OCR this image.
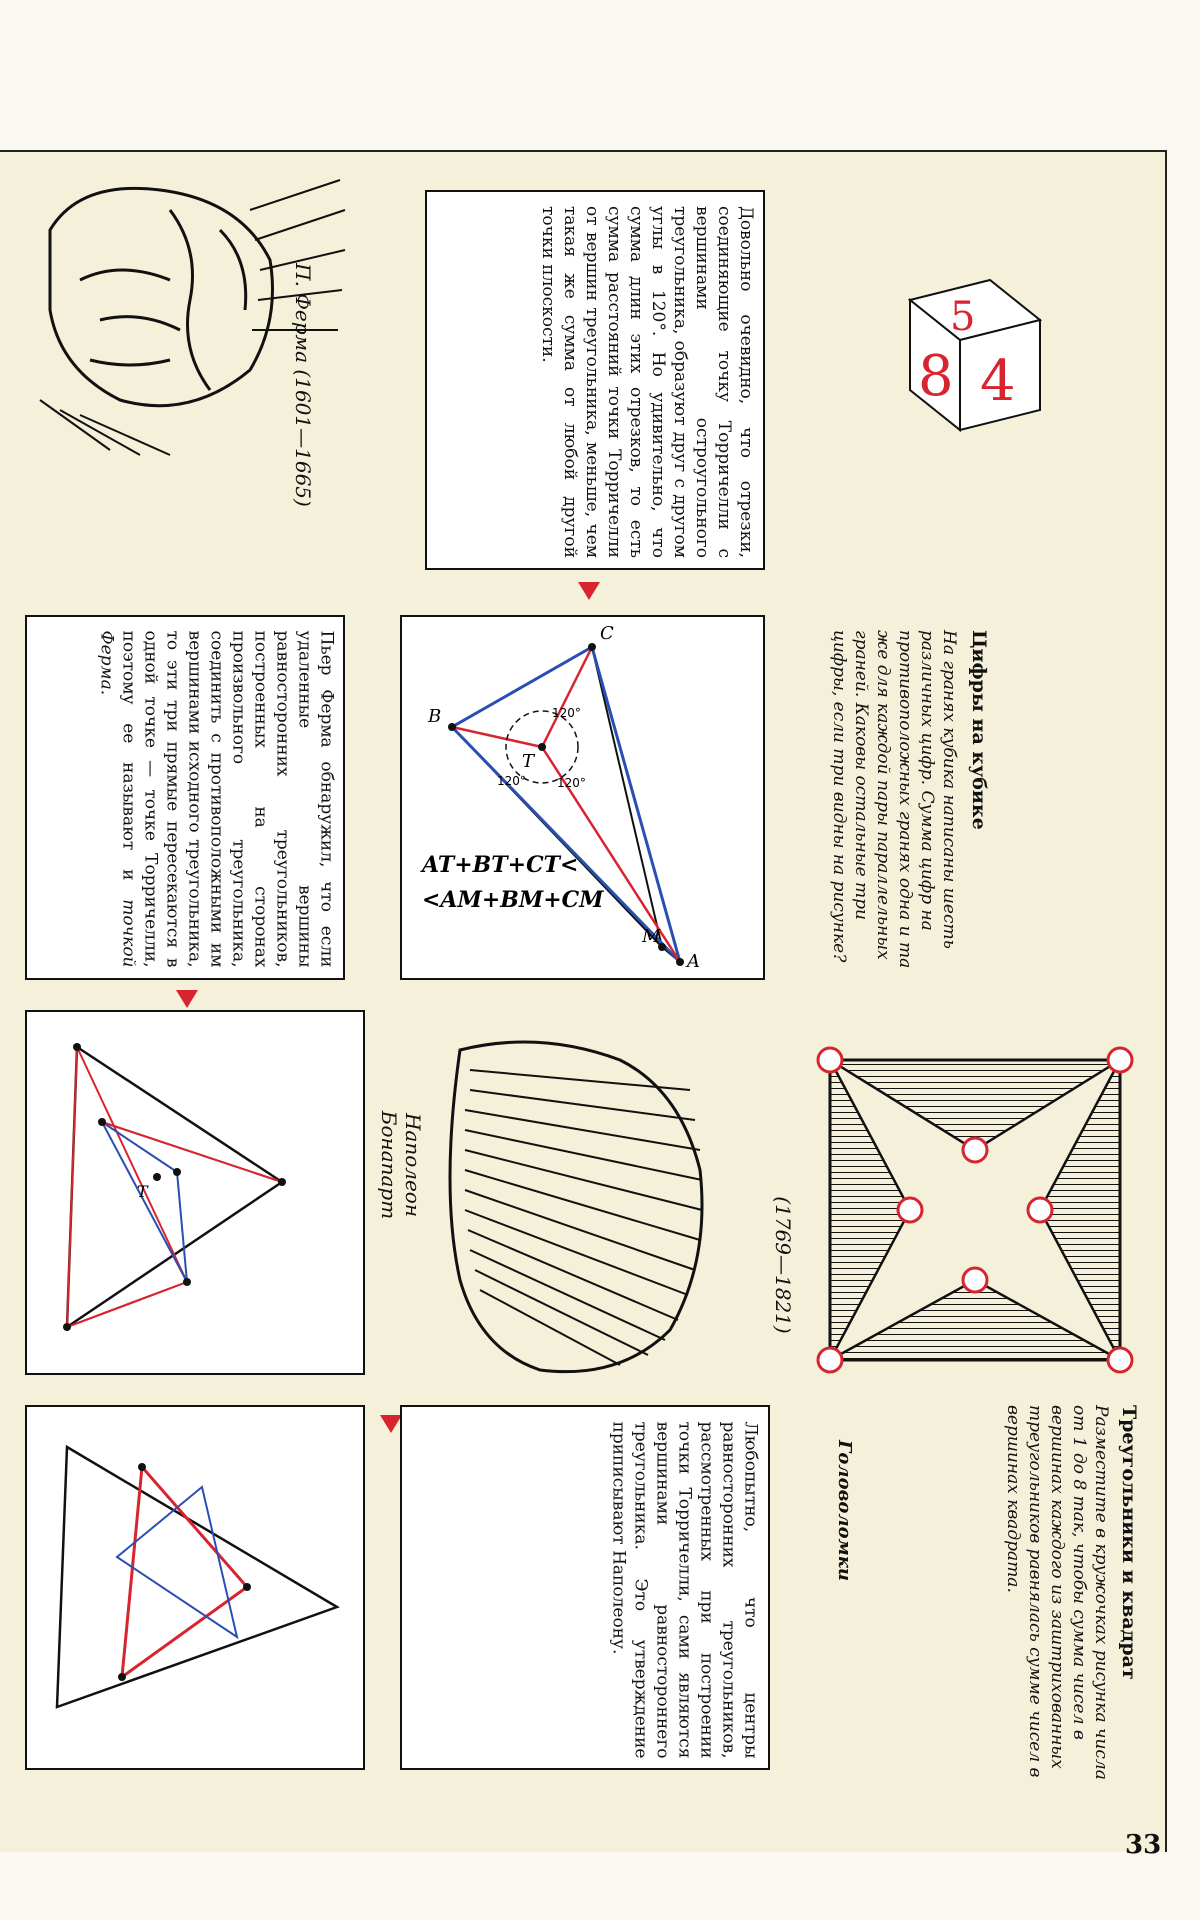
П. Ферма (1601—1665)	Довольно очевидно, что отрезки, соединяющие точку Торричелли с вершинами остроугольного треугольника, образуют друг с другом углы в 120°. Но удивительно, что сумма длин этих отрезков, то есть сумма расстояний точки Торричелли от вершин треугольника, меньше, чем такая же сумма от любой другой точки плоскости.
Пьер Ферма обнаружил, что если удаленные вершины равносторонних треугольников, построенных на сторонах произвольного треугольника, соединить с противоположными им вершинами исходного треугольника, то эти три прямые пересекаются в одной точке — точке Торричелли, поэтому ее называют и точкой Ферма.
A
B
C
M
T
120°
120°
120°
AT+BT+CT<
<AM+BM+CM
T
Любопытно, что центры равносторонних треугольников, рассмотренных при построении точки Торричелли, сами являются вершинами равностороннего треугольника. Это утверждение приписывают Наполеону.
Наполеон Бонапарт
(1769—1821)
Цифры на кубике
На гранях кубика написаны шесть различных цифр. Сумма цифр на противоположных гранях одна и та же для каждой пары параллельных граней. Каковы остальные три цифры, если три видны на рисунке?
5
8 4
Головоломки	Треугольники и квадрат
Разместите в кружочках рисунка числа от 1 до 8 так, чтобы сумма чисел в вершинах каждого из заштрихованных треугольников равнялась сумме чисел в вершинах квадрата.
33
